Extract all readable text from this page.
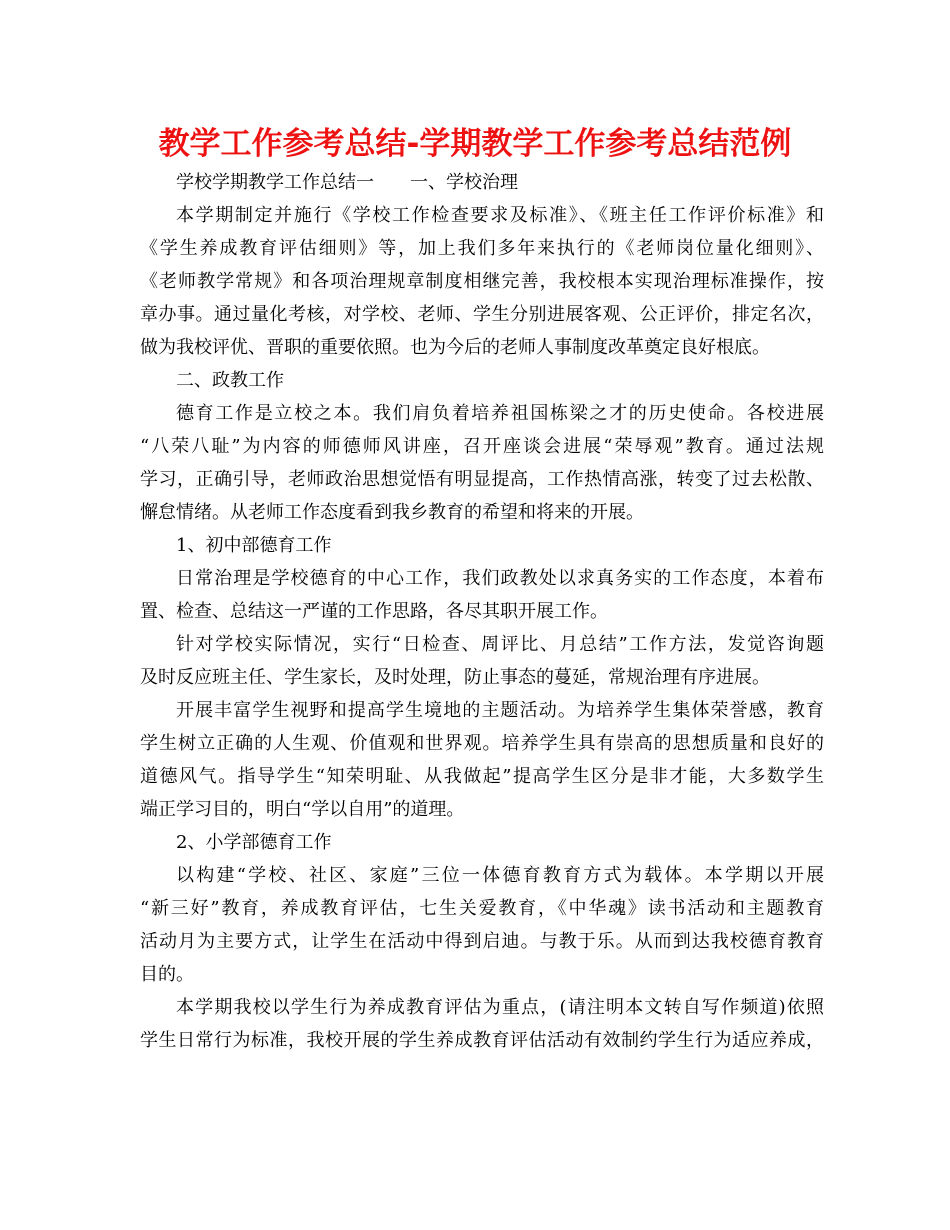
教学工作参考总结-学期教学工作参考总结范例
学校学期教学工作总结一 一、学校治理
本学期制定并施行《学校工作检查要求及标准》、《班主任工作评价标准》和
《学生养成教育评估细则》等，加上我们多年来执行的《老师岗位量化细则》、
《老师教学常规》和各项治理规章制度相继完善，我校根本实现治理标准操作，按
章办事。通过量化考核，对学校、老师、学生分别进展客观、公正评价，排定名次，
做为我校评优、晋职的重要依照。也为今后的老师人事制度改革奠定良好根底。
二、政教工作
德育工作是立校之本。我们肩负着培养祖国栋梁之才的历史使命。各校进展
“八荣八耻”为内容的师德师风讲座，召开座谈会进展“荣辱观”教育。通过法规
学习，正确引导，老师政治思想觉悟有明显提高，工作热情高涨，转变了过去松散、
懈怠情绪。从老师工作态度看到我乡教育的希望和将来的开展。
1、初中部德育工作
日常治理是学校德育的中心工作，我们政教处以求真务实的工作态度，本着布
置、检查、总结这一严谨的工作思路，各尽其职开展工作。
针对学校实际情况，实行“日检查、周评比、月总结”工作方法，发觉咨询题
及时反应班主任、学生家长，及时处理，防止事态的蔓延，常规治理有序进展。
开展丰富学生视野和提高学生境地的主题活动。为培养学生集体荣誉感，教育
学生树立正确的人生观、价值观和世界观。培养学生具有崇高的思想质量和良好的
道德风气。指导学生“知荣明耻、从我做起”提高学生区分是非才能，大多数学生
端正学习目的，明白“学以自用”的道理。
2、小学部德育工作
以构建“学校、社区、家庭”三位一体德育教育方式为载体。本学期以开展
“新三好”教育，养成教育评估，七生关爱教育，《中华魂》读书活动和主题教育
活动月为主要方式，让学生在活动中得到启迪。与教于乐。从而到达我校德育教育
目的。
本学期我校以学生行为养成教育评估为重点，(请注明本文转自写作频道)依照
学生日常行为标准，我校开展的学生养成教育评估活动有效制约学生行为适应养成，
